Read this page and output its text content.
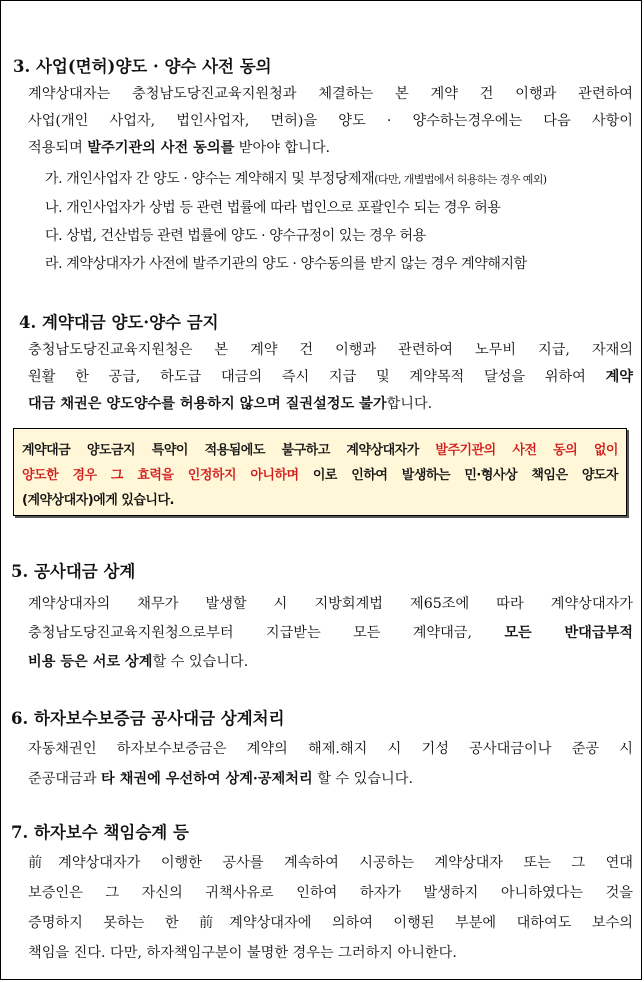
3. 사업(면허)양도 · 양수 사전 동의
계약상대자는 충청남도당진교육지원청과 체결하는 본 계약 건 이행과 관련하여
사업(개인 사업자, 법인사업자, 면허)을 양도 · 양수하는경우에는 다음 사항이
적용되며 발주기관의 사전 동의를 받아야 합니다.
가. 개인사업자 간 양도 · 양수는 계약해지 및 부정당제재(다만, 개별법에서 허용하는 경우 예외)
나. 개인사업자가 상법 등 관련 법률에 따라 법인으로 포괄인수 되는 경우 허용
다. 상법, 건산법등 관련 법률에 양도 · 양수규정이 있는 경우 허용
라. 계약상대자가 사전에 발주기관의 양도 · 양수동의를 받지 않는 경우 계약해지함
4. 계약대금 양도·양수 금지
충청남도당진교육지원청은 본 계약 건 이행과 관련하여 노무비 지급, 자재의
원활 한 공급, 하도급 대금의 즉시 지급 및 계약목적 달성을 위하여 계약
대금 채권은 양도양수를 허용하지 않으며 질권설정도 불가합니다.
계약대금 양도금지 특약이 적용됨에도 불구하고 계약상대자가 발주기관의 사전 동의 없이
양도한 경우 그 효력을 인정하지 아니하며 이로 인하여 발생하는 민·형사상 책임은 양도자
(계약상대자)에게 있습니다.
5. 공사대금 상계
계약상대자의 채무가 발생할 시 지방회계법 제65조에 따라 계약상대자가
충청남도당진교육지원청으로부터 지급받는 모든 계약대금, 모든 반대급부적
비용 등은 서로 상계할 수 있습니다.
6. 하자보수보증금 공사대금 상계처리
자동채권인 하자보수보증금은 계약의 해제.해지 시 기성 공사대금이나 준공 시
준공대금과 타 채권에 우선하여 상계·공제처리 할 수 있습니다.
7. 하자보수 책임승계 등
前계약상대자가 이행한 공사를 계속하여 시공하는 계약상대자 또는 그 연대
보증인은 그 자신의 귀책사유로 인하여 하자가 발생하지 아니하였다는 것을
증명하지 못하는 한 前계약상대자에 의하여 이행된 부분에 대하여도 보수의
책임을 진다. 다만, 하자책임구분이 불명한 경우는 그러하지 아니한다.
